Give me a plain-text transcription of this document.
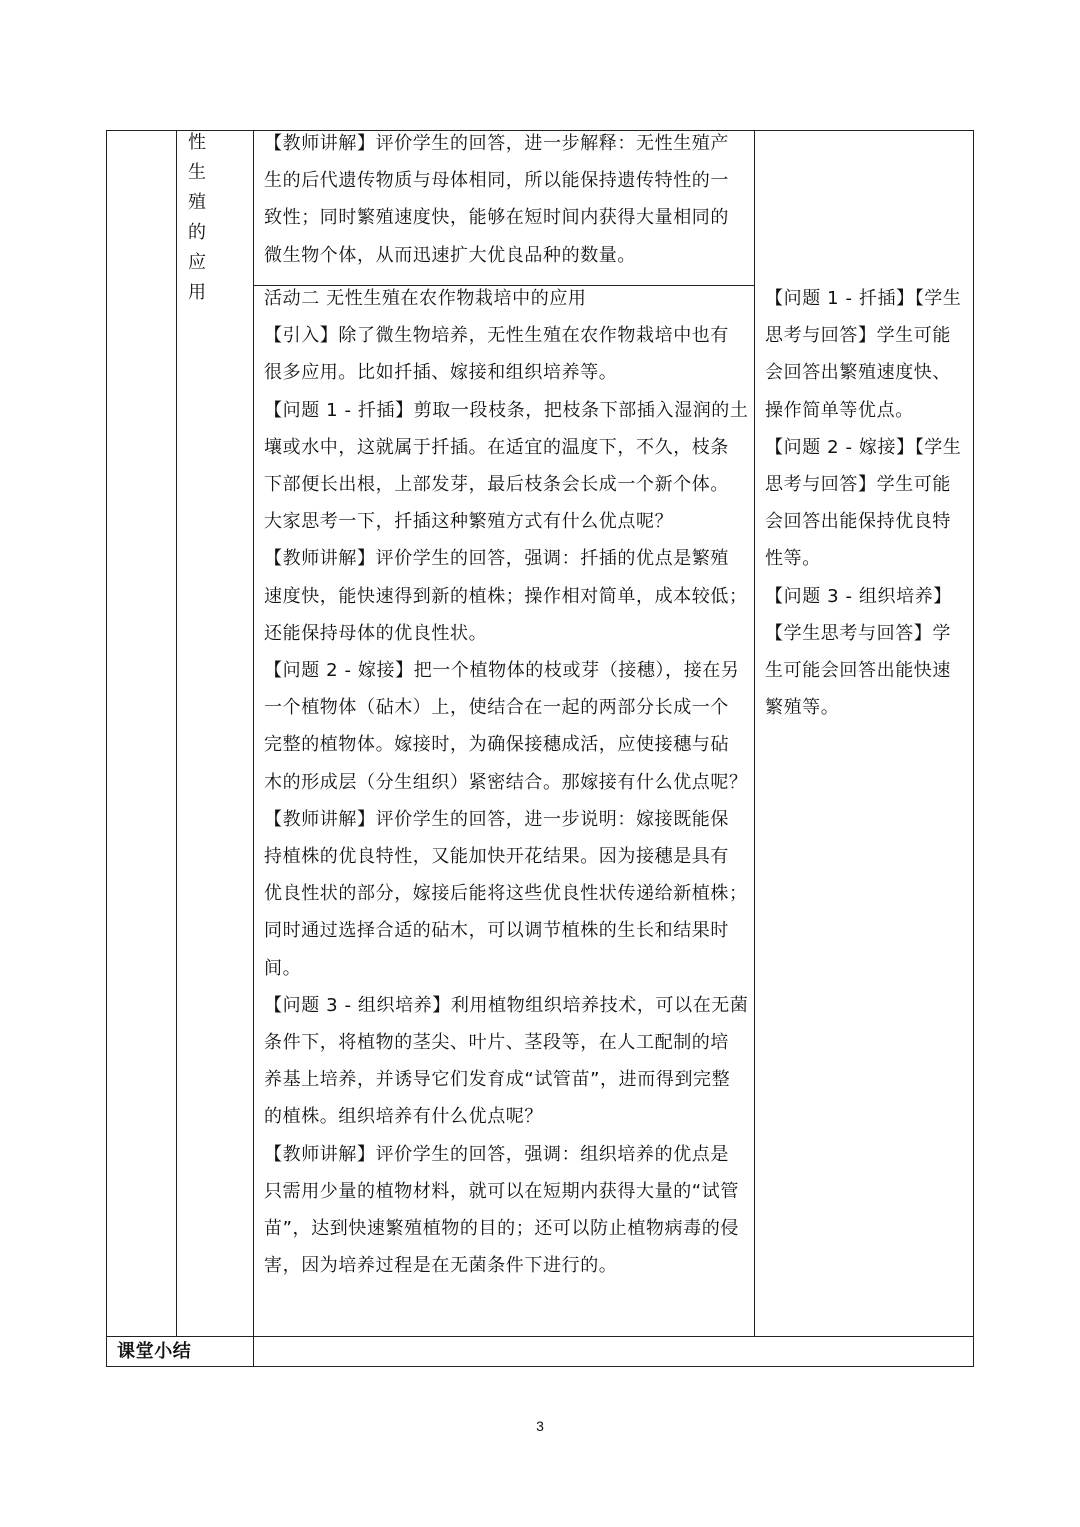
性
生
殖
的
应
用
【教师讲解】评价学生的回答，进一步解释：无性生殖产
生的后代遗传物质与母体相同，所以能保持遗传特性的一
致性；同时繁殖速度快，能够在短时间内获得大量相同的
微生物个体，从而迅速扩大优良品种的数量。
活动二 无性生殖在农作物栽培中的应用
【引入】除了微生物培养，无性生殖在农作物栽培中也有
很多应用。比如扦插、嫁接和组织培养等。
【问题 1 - 扦插】剪取一段枝条，把枝条下部插入湿润的土
壤或水中，这就属于扦插。在适宜的温度下，不久，枝条
下部便长出根，上部发芽，最后枝条会长成一个新个体。
大家思考一下，扦插这种繁殖方式有什么优点呢？
【教师讲解】评价学生的回答，强调：扦插的优点是繁殖
速度快，能快速得到新的植株；操作相对简单，成本较低；
还能保持母体的优良性状。
【问题 2 - 嫁接】把一个植物体的枝或芽（接穗），接在另
一个植物体（砧木）上，使结合在一起的两部分长成一个
完整的植物体。嫁接时，为确保接穗成活，应使接穗与砧
木的形成层（分生组织）紧密结合。那嫁接有什么优点呢？
【教师讲解】评价学生的回答，进一步说明：嫁接既能保
持植株的优良特性，又能加快开花结果。因为接穗是具有
优良性状的部分，嫁接后能将这些优良性状传递给新植株；
同时通过选择合适的砧木，可以调节植株的生长和结果时
间。
【问题 3 - 组织培养】利用植物组织培养技术，可以在无菌
条件下，将植物的茎尖、叶片、茎段等，在人工配制的培
养基上培养，并诱导它们发育成“试管苗”，进而得到完整
的植株。组织培养有什么优点呢？
【教师讲解】评价学生的回答，强调：组织培养的优点是
只需用少量的植物材料，就可以在短期内获得大量的“试管
苗”，达到快速繁殖植物的目的；还可以防止植物病毒的侵
害，因为培养过程是在无菌条件下进行的。
【问题 1 - 扦插】【学生
思考与回答】学生可能
会回答出繁殖速度快、
操作简单等优点。
【问题 2 - 嫁接】【学生
思考与回答】学生可能
会回答出能保持优良特
性等。
【问题 3 - 组织培养】
【学生思考与回答】学
生可能会回答出能快速
繁殖等。
课堂小结
3
